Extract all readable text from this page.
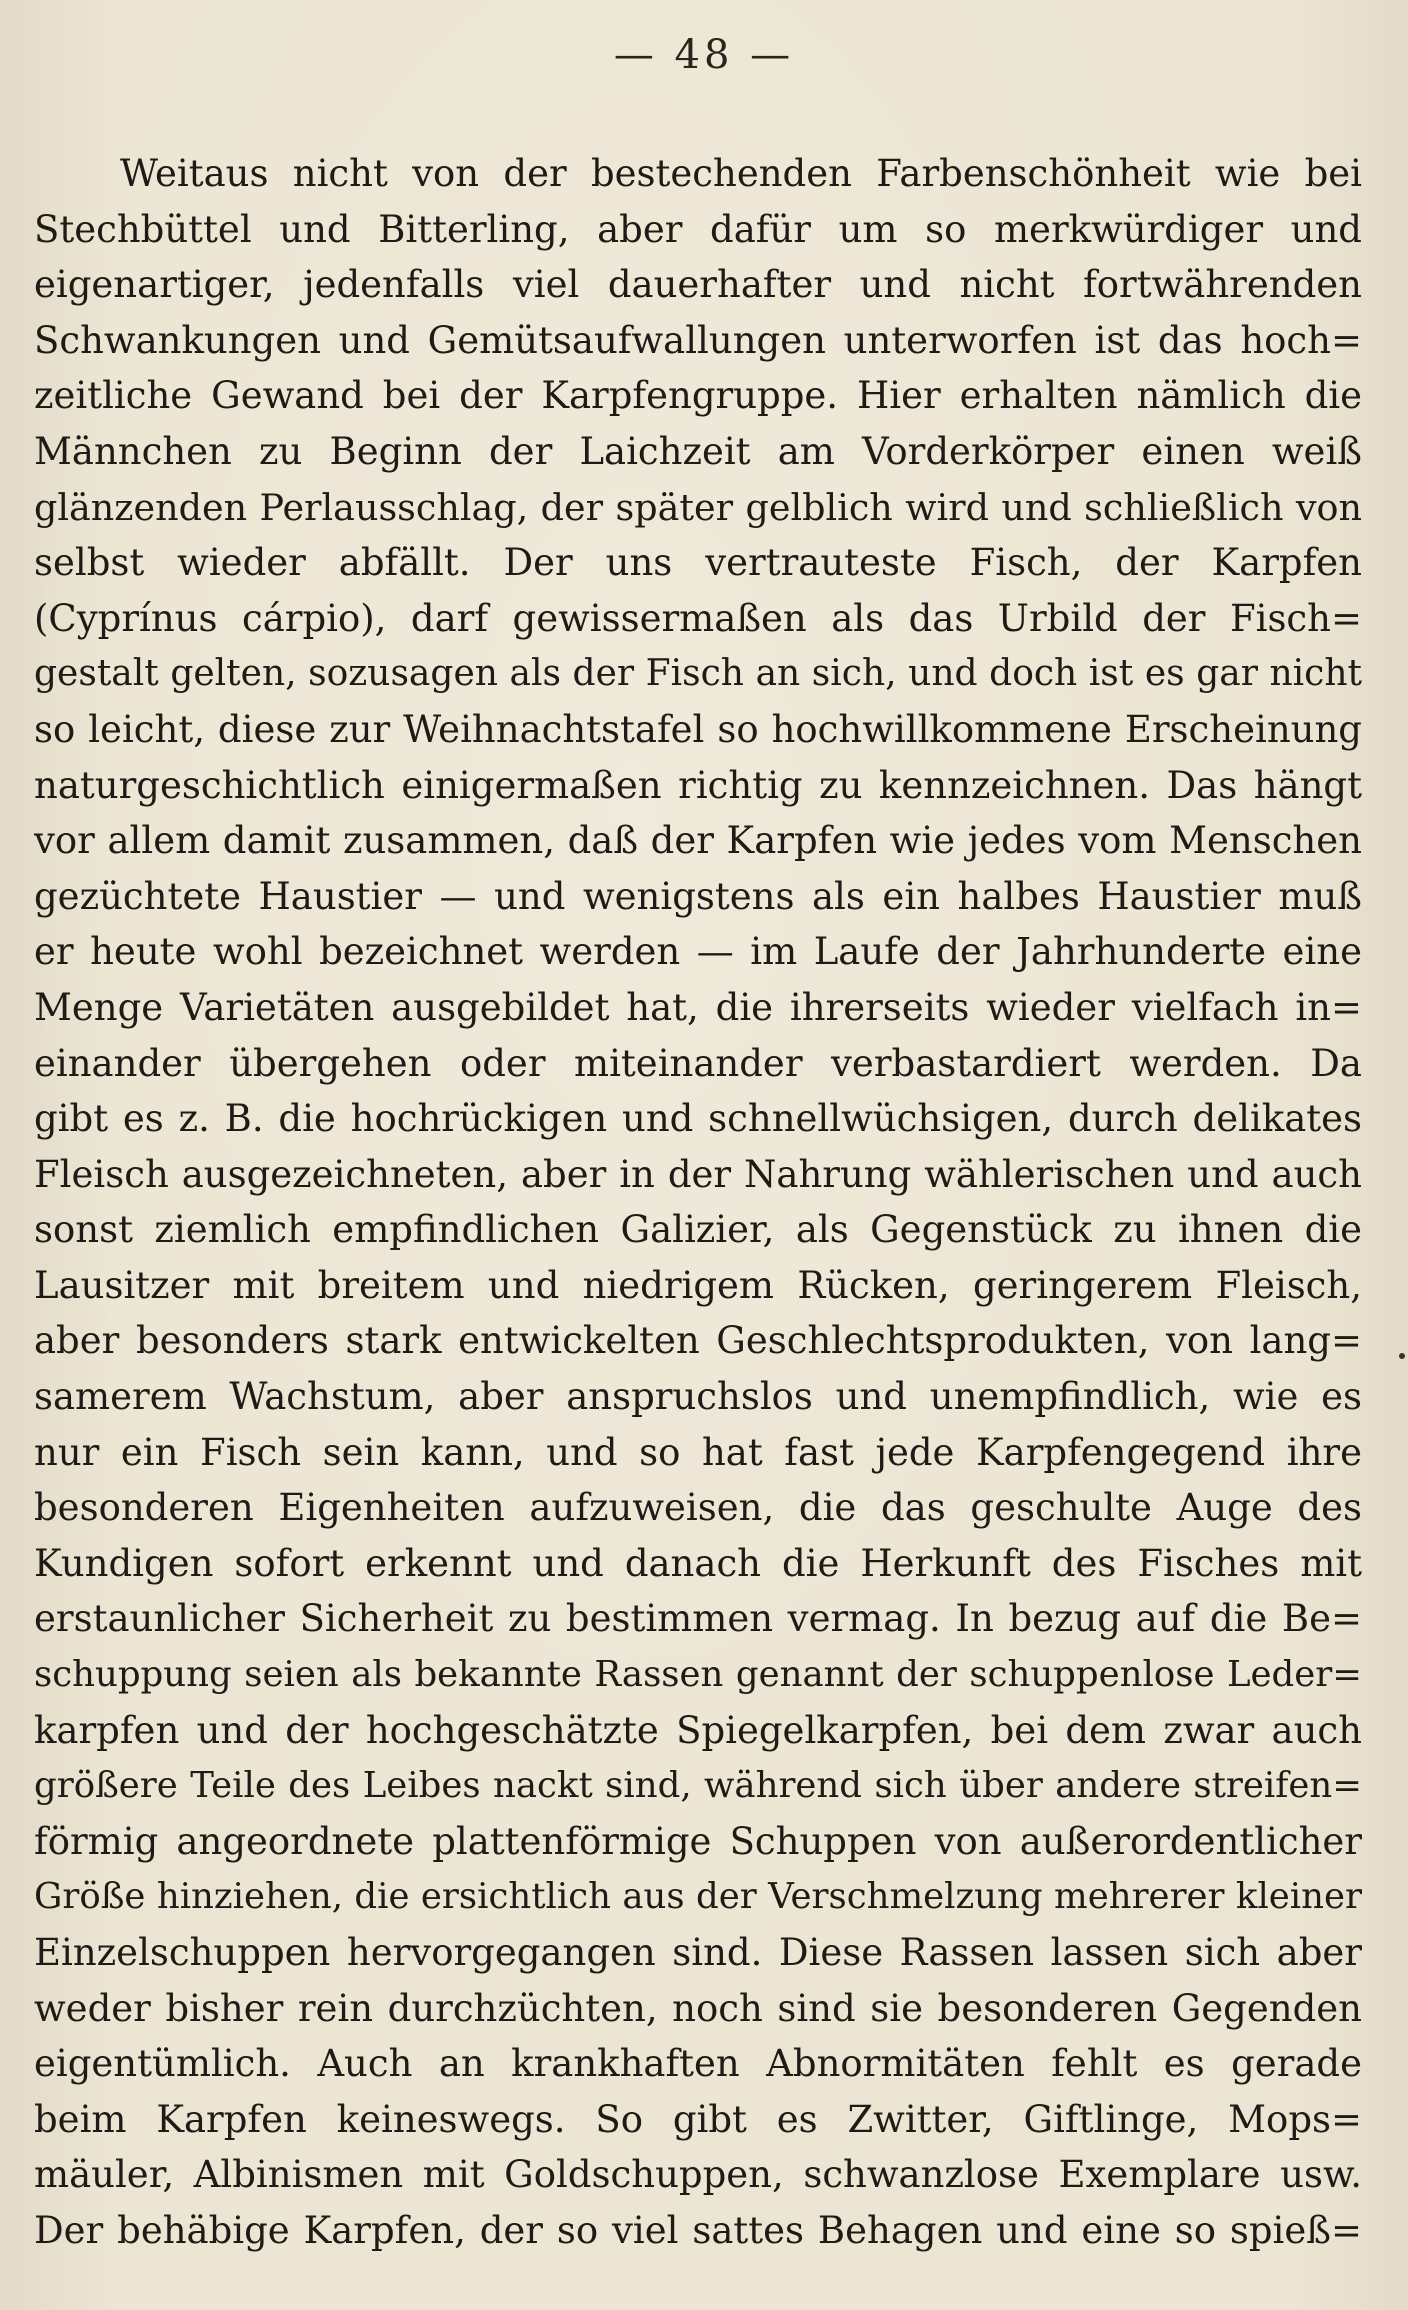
— 48 —
Weitaus nicht von der bestechenden Farbenschönheit wie bei
Stechbüttel und Bitterling, aber dafür um so merkwürdiger und
eigenartiger, jedenfalls viel dauerhafter und nicht fortwährenden
Schwankungen und Gemütsaufwallungen unterworfen ist das hoch=
zeitliche Gewand bei der Karpfengruppe. Hier erhalten nämlich die
Männchen zu Beginn der Laichzeit am Vorderkörper einen weiß
glänzenden Perlausschlag, der später gelblich wird und schließlich von
selbst wieder abfällt. Der uns vertrauteste Fisch, der Karpfen
(Cyprínus cárpio), darf gewissermaßen als das Urbild der Fisch=
gestalt gelten, sozusagen als der Fisch an sich, und doch ist es gar nicht
so leicht, diese zur Weihnachtstafel so hochwillkommene Erscheinung
naturgeschichtlich einigermaßen richtig zu kennzeichnen. Das hängt
vor allem damit zusammen, daß der Karpfen wie jedes vom Menschen
gezüchtete Haustier — und wenigstens als ein halbes Haustier muß
er heute wohl bezeichnet werden — im Laufe der Jahrhunderte eine
Menge Varietäten ausgebildet hat, die ihrerseits wieder vielfach in=
einander übergehen oder miteinander verbastardiert werden. Da
gibt es z. B. die hochrückigen und schnellwüchsigen, durch delikates
Fleisch ausgezeichneten, aber in der Nahrung wählerischen und auch
sonst ziemlich empfindlichen Galizier, als Gegenstück zu ihnen die
Lausitzer mit breitem und niedrigem Rücken, geringerem Fleisch,
aber besonders stark entwickelten Geschlechtsprodukten, von lang=
samerem Wachstum, aber anspruchslos und unempfindlich, wie es
nur ein Fisch sein kann, und so hat fast jede Karpfengegend ihre
besonderen Eigenheiten aufzuweisen, die das geschulte Auge des
Kundigen sofort erkennt und danach die Herkunft des Fisches mit
erstaunlicher Sicherheit zu bestimmen vermag. In bezug auf die Be=
schuppung seien als bekannte Rassen genannt der schuppenlose Leder=
karpfen und der hochgeschätzte Spiegelkarpfen, bei dem zwar auch
größere Teile des Leibes nackt sind, während sich über andere streifen=
förmig angeordnete plattenförmige Schuppen von außerordentlicher
Größe hinziehen, die ersichtlich aus der Verschmelzung mehrerer kleiner
Einzelschuppen hervorgegangen sind. Diese Rassen lassen sich aber
weder bisher rein durchzüchten, noch sind sie besonderen Gegenden
eigentümlich. Auch an krankhaften Abnormitäten fehlt es gerade
beim Karpfen keineswegs. So gibt es Zwitter, Giftlinge, Mops=
mäuler, Albinismen mit Goldschuppen, schwanzlose Exemplare usw.
Der behäbige Karpfen, der so viel sattes Behagen und eine so spieß=
